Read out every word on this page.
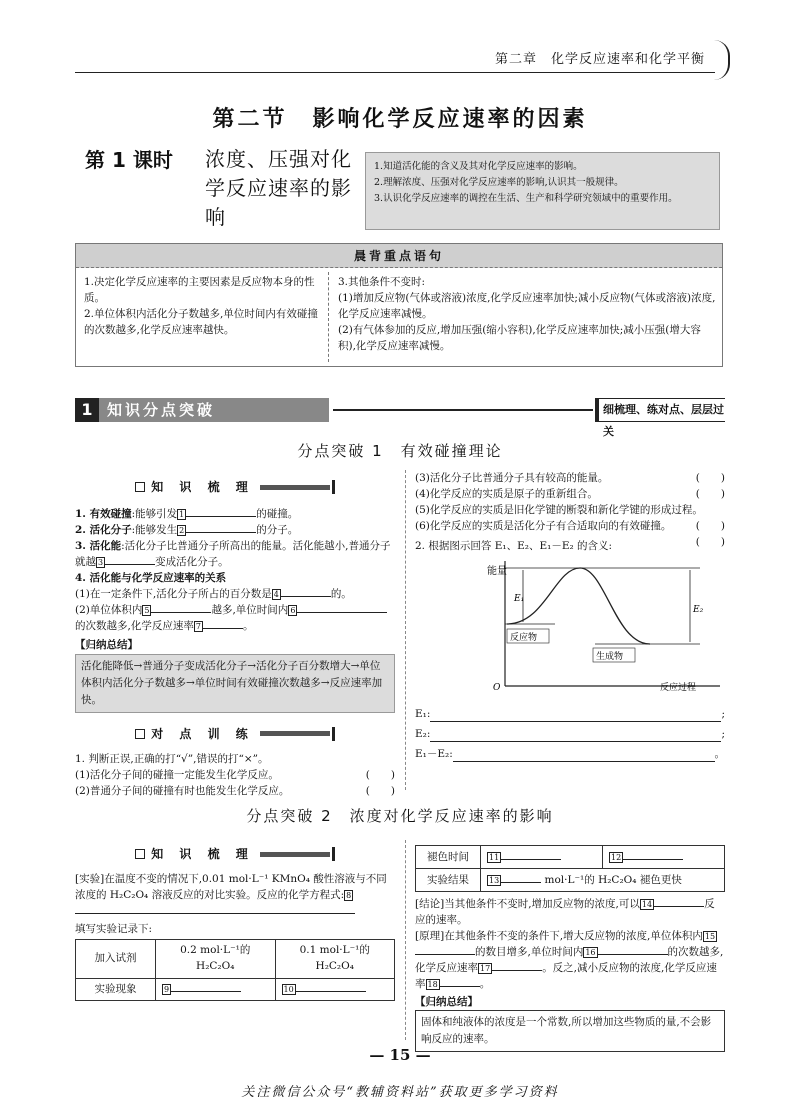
第二章　化学反应速率和化学平衡
第二节　影响化学反应速率的因素
第 1 课时 浓度、压强对化学反应速率的影响
1.知道活化能的含义及其对化学反应速率的影响。
2.理解浓度、压强对化学反应速率的影响,认识其一般规律。
3.认识化学反应速率的调控在生活、生产和科学研究领域中的重要作用。
晨背重点语句
1.决定化学反应速率的主要因素是反应物本身的性质。
2.单位体积内活化分子数越多,单位时间内有效碰撞的次数越多,化学反应速率越快。
3.其他条件不变时:
(1)增加反应物(气体或溶液)浓度,化学反应速率加快;减小反应物(气体或溶液)浓度,化学反应速率减慢。
(2)有气体参加的反应,增加压强(缩小容积),化学反应速率加快;减小压强(增大容积),化学反应速率减慢。
1 知识分点突破	细梳理、练对点、层层过关
分点突破 1　有效碰撞理论
知 识 梳 理
1. 有效碰撞:能够引发 1	的碰撞。
2. 活化分子:能够发生 2	的分子。
3. 活化能:活化分子比普通分子所高出的能量。活化能越小,普通分子就越 3	变成活化分子。
4. 活化能与化学反应速率的关系
(1)在一定条件下,活化分子所占的百分数是 4	的。
(2)单位体积内 5	越多,单位时间内 6的次数越多,化学反应速率 7	。
【归纳总结】
活化能降低→普通分子变成活化分子→活化分子百分数增大→单位体积内活化分子数越多→单位时间有效碰撞次数越多→反应速率加快。
对 点 训 练
1. 判断正误,正确的打“√”,错误的打“×”。
(1)活化分子间的碰撞一定能发生化学反应。	(　　)
(2)普通分子间的碰撞有时也能发生化学反应。	(　　)
(3)活化分子比普通分子具有较高的能量。	(　　)
(4)化学反应的实质是原子的重新组合。	(　　)
(5)化学反应的实质是旧化学键的断裂和新化学键的形成过程。
(　　)
(6)化学反应的实质是活化分子有合适取向的有效碰撞。
(　　)
2. 根据图示回答 E₁、E₂、E₁－E₂ 的含义:
能量
E₁
E₂
反应物
生成物
O	反应过程
E₁:	;
E₂:	;
E₁－E₂:	。
分点突破 2　浓度对化学反应速率的影响
知 识 梳 理
[实验]在温度不变的情况下,0.01 mol·L⁻¹ KMnO₄ 酸性溶液与不同浓度的 H₂C₂O₄ 溶液反应的对比实验。反应的化学方程式: 8
填写实验记录下:
加入试剂	0.2 mol·L⁻¹的 H₂C₂O₄	0.1 mol·L⁻¹的 H₂C₂O₄
实验现象	9	10
褪色时间	11	12
实验结果	13 mol·L⁻¹的 H₂C₂O₄ 褪色更快	
[结论]当其他条件不变时,增加反应物的浓度,可以 14	反应的速率。
[原理]在其他条件不变的条件下,增大反应物的浓度,单位体积内 15的数目增多,单位时间内 16	的次数越多,化学反应速率 17	。反之,减小反应物的浓度,化学反应速率 18	。
【归纳总结】
固体和纯液体的浓度是一个常数,所以增加这些物质的量,不会影响反应的速率。
— 15 —
关注微信公众号“教辅资料站”获取更多学习资料
